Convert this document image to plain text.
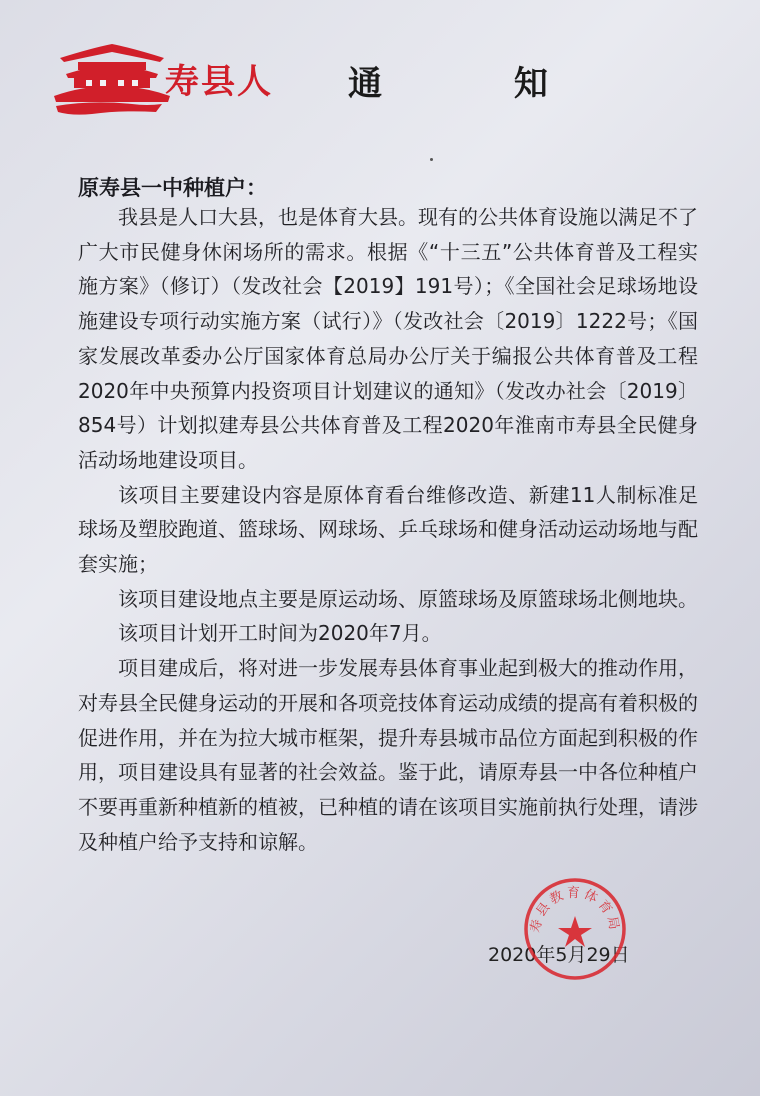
寿县人 通 知
原寿县一中种植户：

我县是人口大县，也是体育大县。现有的公共体育设施以满足不了广大市民健身休闲场所的需求。根据《“十三五”公共体育普及工程实施方案》（修订）（发改社会【2019】191号）；《全国社会足球场地设施建设专项行动实施方案（试行）》（发改社会〔2019〕1222号；《国家发展改革委办公厅国家体育总局办公厅关于编报公共体育普及工程2020年中央预算内投资项目计划建议的通知》（发改办社会〔2019〕854号）计划拟建寿县公共体育普及工程2020年淮南市寿县全民健身活动场地建设项目。

该项目主要建设内容是原体育看台维修改造、新建11人制标准足球场及塑胶跑道、篮球场、网球场、乒乓球场和健身活动运动场地与配套实施；

该项目建设地点主要是原运动场、原篮球场及原篮球场北侧地块。

该项目计划开工时间为2020年7月。

项目建成后，将对进一步发展寿县体育事业起到极大的推动作用，对寿县全民健身运动的开展和各项竞技体育运动成绩的提高有着积极的促进作用，并在为拉大城市框架，提升寿县城市品位方面起到积极的作用，项目建设具有显著的社会效益。鉴于此，请原寿县一中各位种植户不要再重新种植新的植被，已种植的请在该项目实施前执行处理，请涉及种植户给予支持和谅解。

2020年5月29日
寿县教育体育局
